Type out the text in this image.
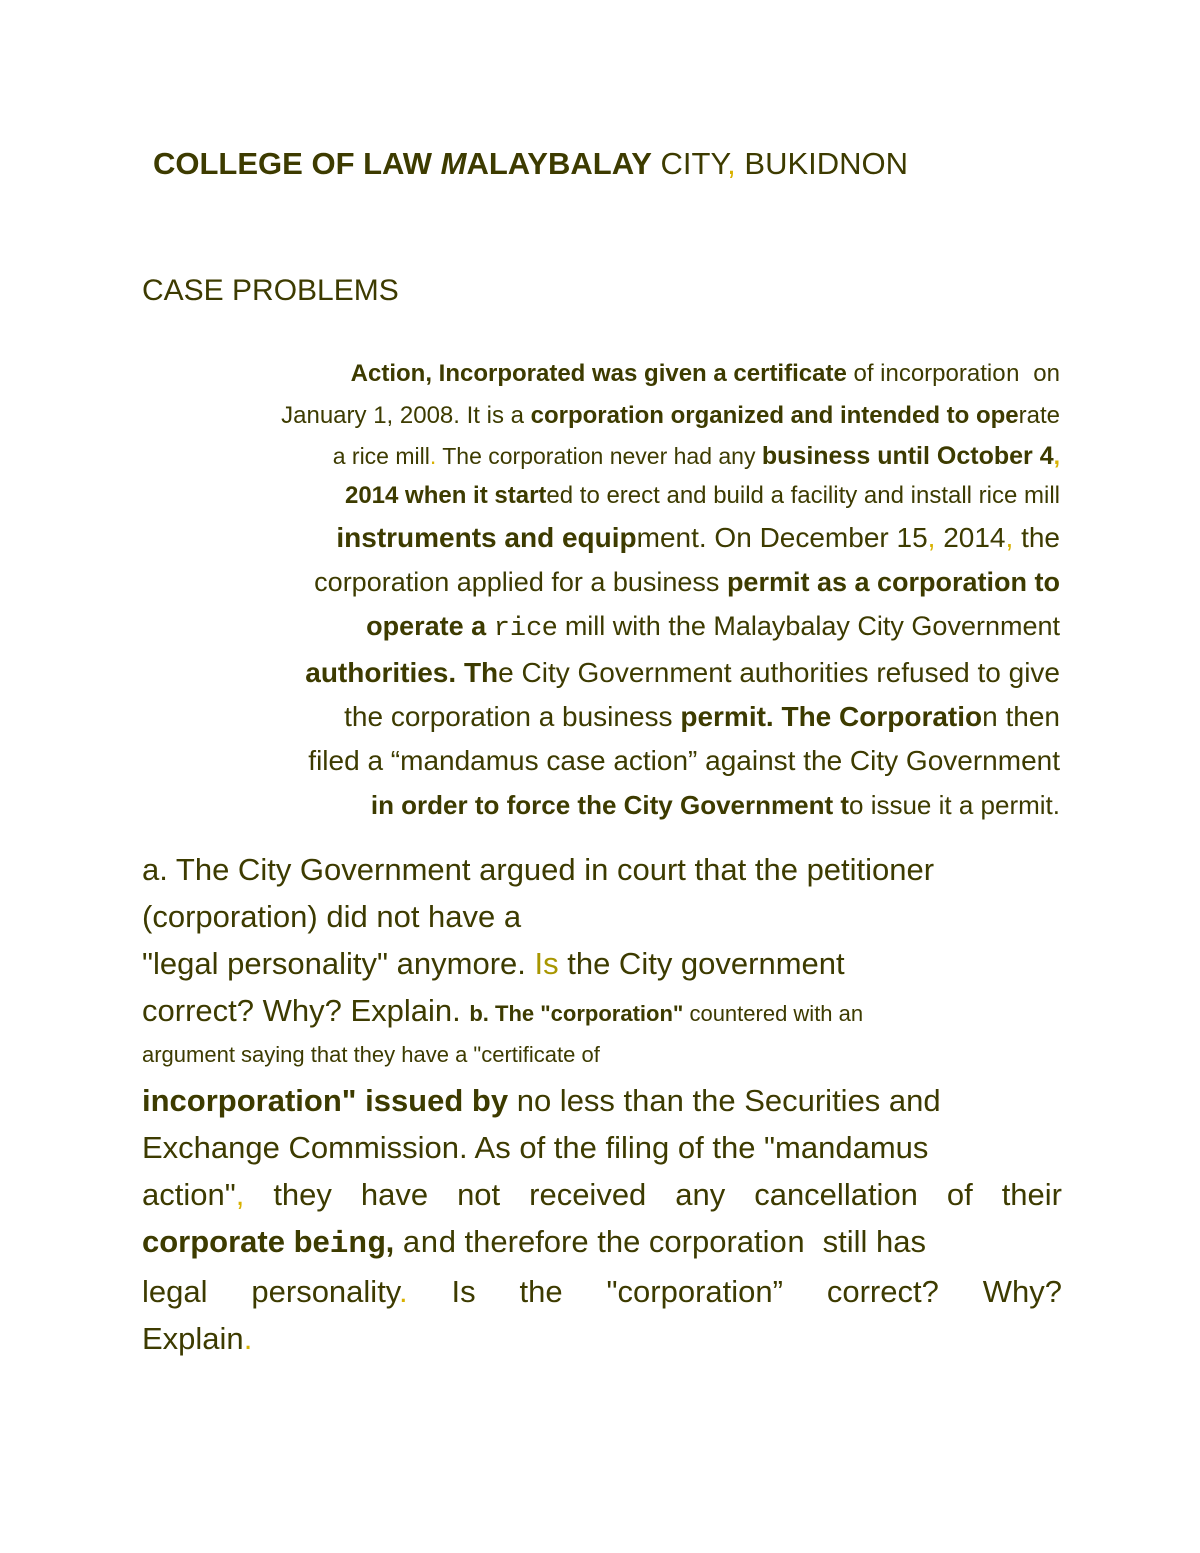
COLLEGE OF LAW MALAYBALAY CITY, BUKIDNON
CASE PROBLEMS
Action, Incorporated was given a certificate of incorporation  on
January 1, 2008. It is a corporation organized and intended to operate
a rice mill. The corporation never had any business until October 4,
2014 when it started to erect and build a facility and install rice mill
instruments and equipment. On December 15, 2014, the
corporation applied for a business permit as a corporation to
operate a rice mill with the Malaybalay City Government
authorities. The City Government authorities refused to give
the corporation a business permit. The Corporation then
filed a “mandamus case action” against the City Government
in order to force the City Government to issue it a permit.
a. The City Government argued in court that the petitioner
(corporation) did not have a
"legal personality" anymore. Is the City government
correct? Why? Explain. b. The "corporation" countered with an
argument saying that they have a "certificate of
incorporation" issued by no less than the Securities and
Exchange Commission. As of the filing of the "mandamus
action", they have not received any cancellation of their
corporate being, and therefore the corporation  still has
legal personality. Is the "corporation” correct? Why?
Explain.
